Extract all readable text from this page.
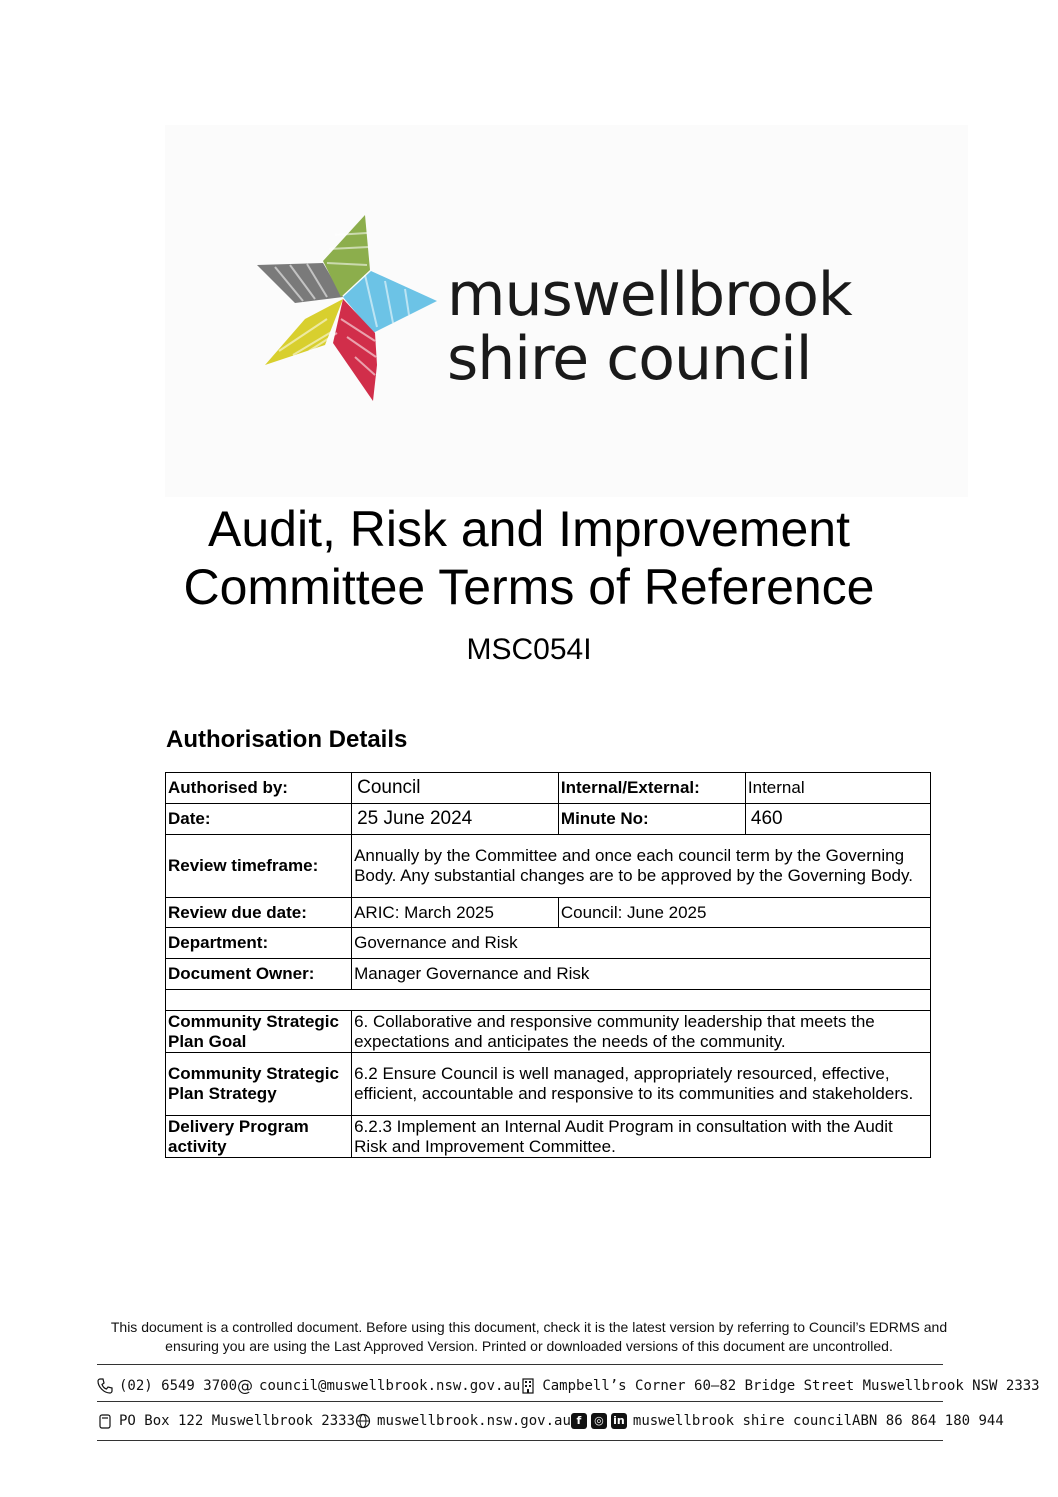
muswellbrook
shire council
Audit, Risk and Improvement
Committee Terms of Reference
MSC054I
Authorisation Details
Authorised by:	Council	Internal/External:	Internal
Date:	25 June 2024	Minute No:	460
Review timeframe:	Annually by the Committee and once each council term by the Governing Body. Any substantial changes are to be approved by the Governing Body.		
Review due date:	ARIC: March 2025	Council: June 2025	
Department:	Governance and Risk		
Document Owner:	Manager Governance and Risk		

Community Strategic Plan Goal	6. Collaborative and responsive community leadership that meets the expectations and anticipates the needs of the community.		
Community Strategic Plan Strategy	6.2 Ensure Council is well managed, appropriately resourced, effective, efficient, accountable and responsive to its communities and stakeholders.		
Delivery Program activity	6.2.3 Implement an Internal Audit Program in consultation with the Audit Risk and Improvement Committee.		
This document is a controlled document. Before using this document, check it is the latest version by referring to Council’s EDRMS and ensuring you are using the Last Approved Version. Printed or downloaded versions of this document are uncontrolled.
(02) 6549 3700 @ council@muswellbrook.nsw.gov.au Campbell’s Corner 60–82 Bridge Street Muswellbrook NSW 2333
PO Box 122 Muswellbrook 2333 muswellbrook.nsw.gov.au f	◎ in muswellbrook shire council ABN 86 864 180 944
